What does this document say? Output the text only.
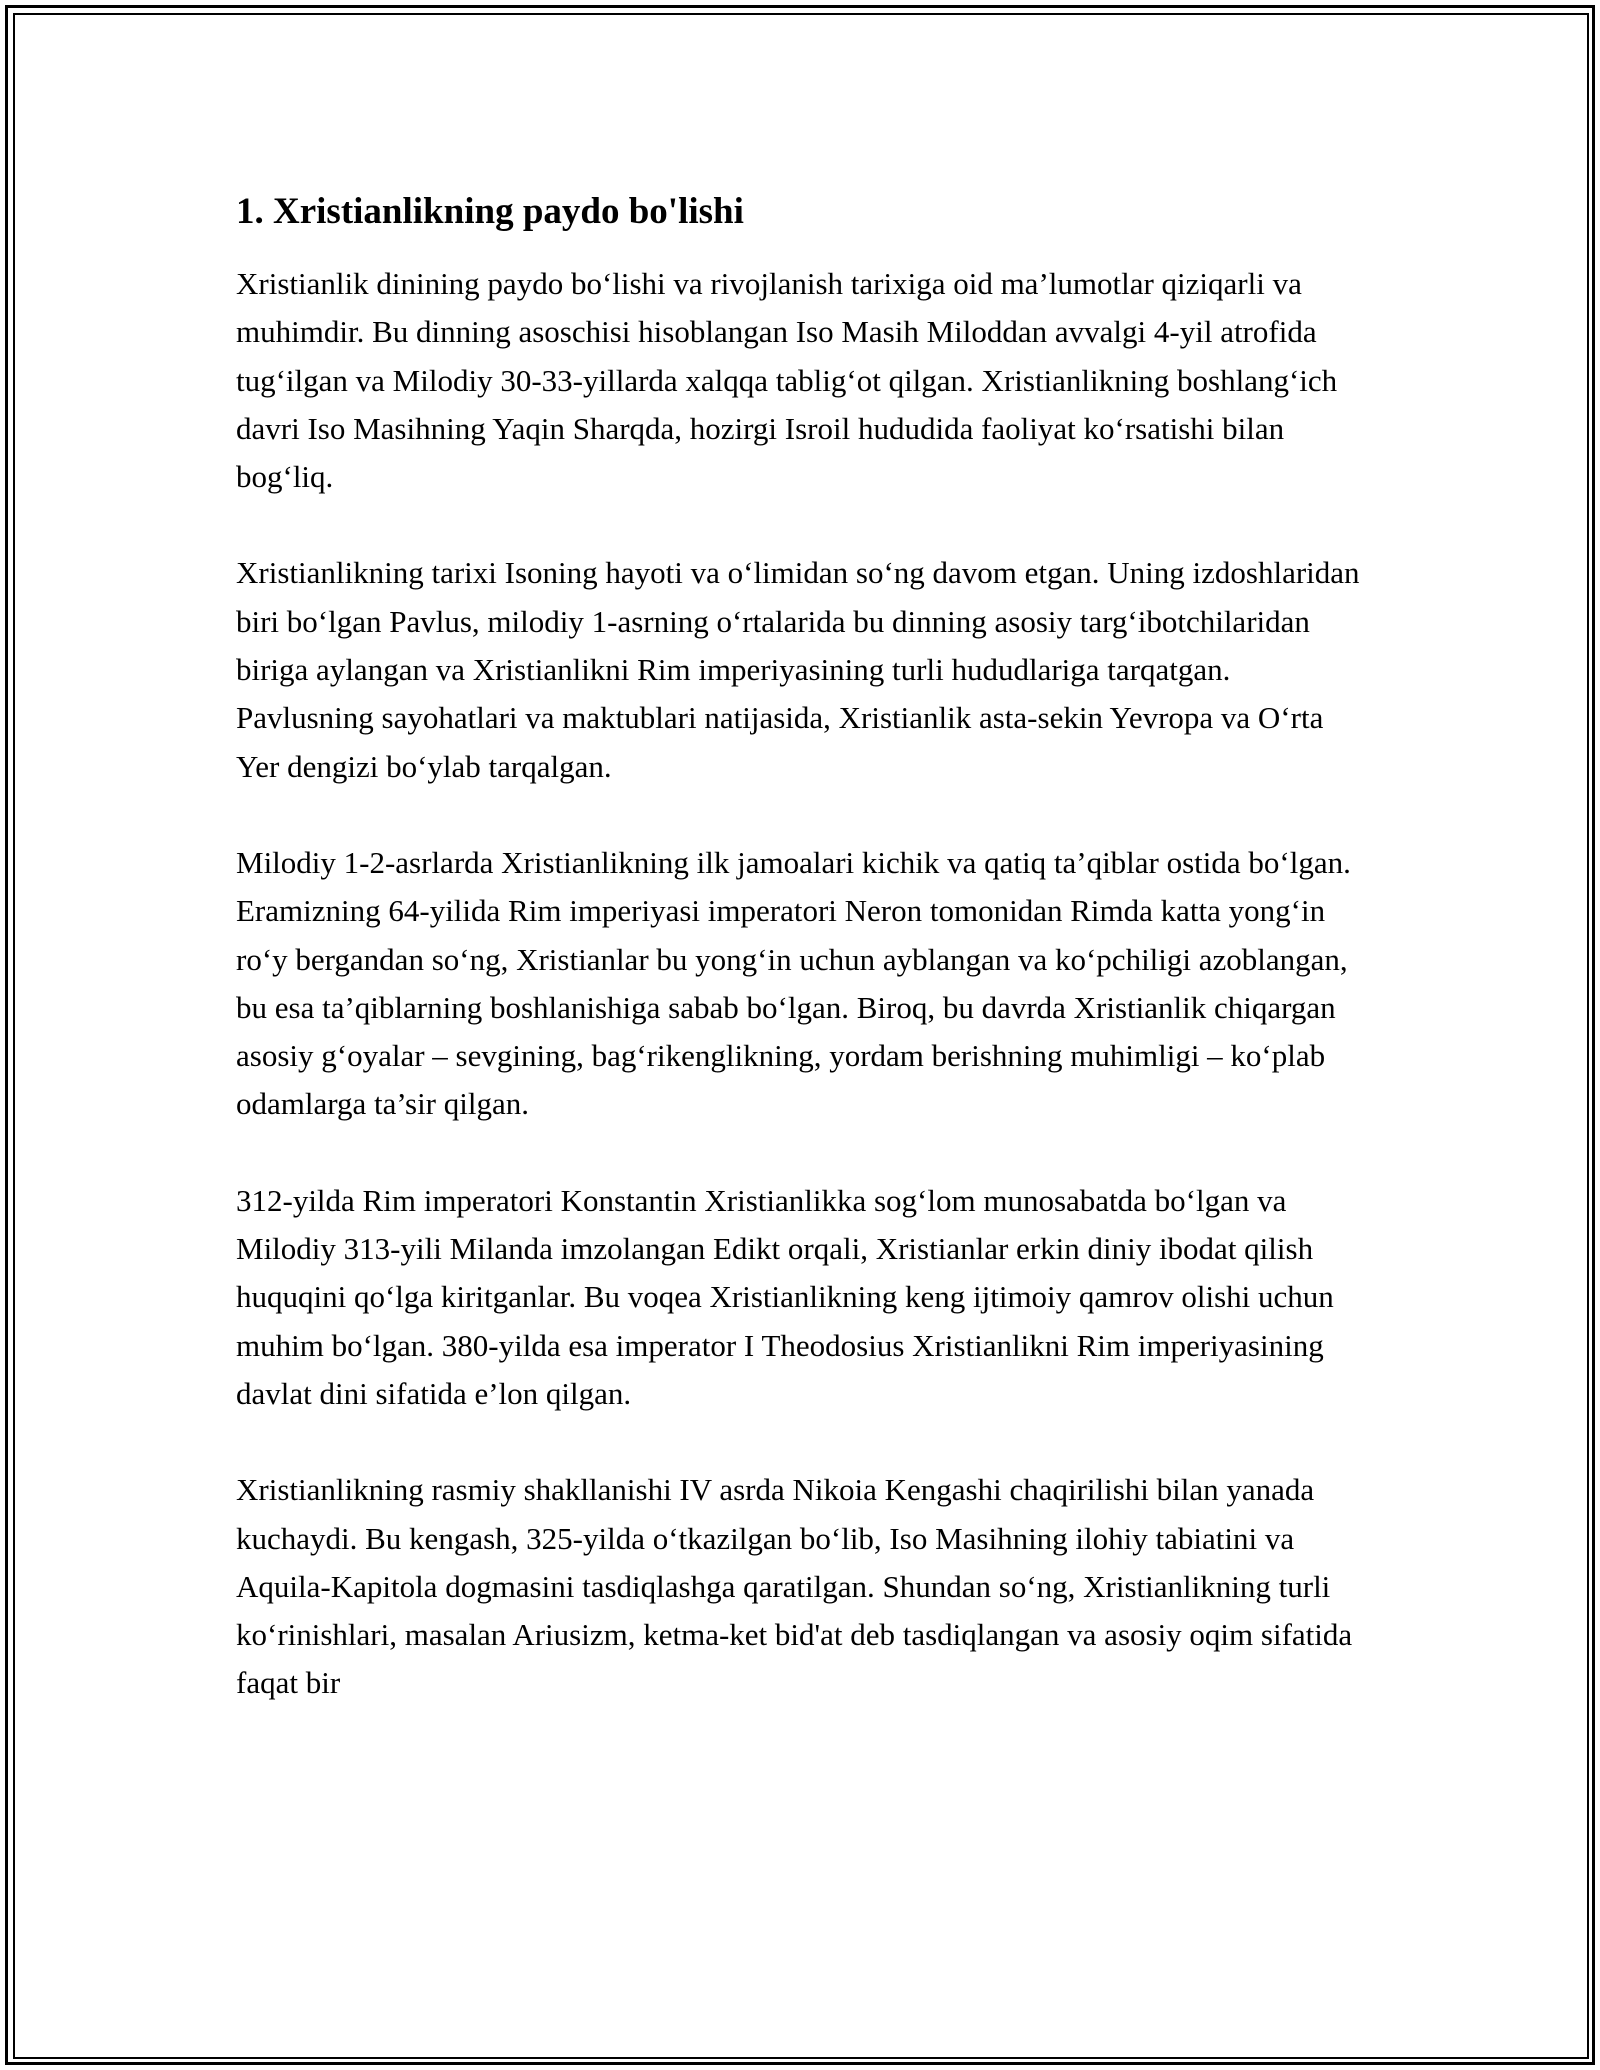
1. Xristianlikning paydo bo'lishi

Xristianlik dinining paydo bo‘lishi va rivojlanish tarixiga oid ma’lumotlar qiziqarli va muhimdir. Bu dinning asoschisi hisoblangan Iso Masih Miloddan avvalgi 4-yil atrofida tug‘ilgan va Milodiy 30-33-yillarda xalqqa tablig‘ot qilgan. Xristianlikning boshlang‘ich davri Iso Masihning Yaqin Sharqda, hozirgi Isroil hududida faoliyat ko‘rsatishi bilan bog‘liq.

Xristianlikning tarixi Isoning hayoti va o‘limidan so‘ng davom etgan. Uning izdoshlaridan biri bo‘lgan Pavlus, milodiy 1-asrning o‘rtalarida bu dinning asosiy targ‘ibotchilaridan biriga aylangan va Xristianlikni Rim imperiyasining turli hududlariga tarqatgan. Pavlusning sayohatlari va maktublari natijasida, Xristianlik asta-sekin Yevropa va O‘rta Yer dengizi bo‘ylab tarqalgan.

Milodiy 1-2-asrlarda Xristianlikning ilk jamoalari kichik va qatiq ta’qiblar ostida bo‘lgan. Eramizning 64-yilida Rim imperiyasi imperatori Neron tomonidan Rimda katta yong‘in ro‘y bergandan so‘ng, Xristianlar bu yong‘in uchun ayblangan va ko‘pchiligi azoblangan, bu esa ta’qiblarning boshlanishiga sabab bo‘lgan. Biroq, bu davrda Xristianlik chiqargan asosiy g‘oyalar – sevgining, bag‘rikenglikning, yordam berishning muhimligi – ko‘plab odamlarga ta’sir qilgan.

312-yilda Rim imperatori Konstantin Xristianlikka sog‘lom munosabatda bo‘lgan va Milodiy 313-yili Milanda imzolangan Edikt orqali, Xristianlar erkin diniy ibodat qilish huquqini qo‘lga kiritganlar. Bu voqea Xristianlikning keng ijtimoiy qamrov olishi uchun muhim bo‘lgan. 380-yilda esa imperator I Theodosius Xristianlikni Rim imperiyasining davlat dini sifatida e’lon qilgan.

Xristianlikning rasmiy shakllanishi IV asrda Nikoia Kengashi chaqirilishi bilan yanada kuchaydi. Bu kengash, 325-yilda o‘tkazilgan bo‘lib, Iso Masihning ilohiy tabiatini va Aquila-Kapitola dogmasini tasdiqlashga qaratilgan. Shundan so‘ng, Xristianlikning turli ko‘rinishlari, masalan Ariusizm, ketma-ket bid'at deb tasdiqlangan va asosiy oqim sifatida faqat bir
